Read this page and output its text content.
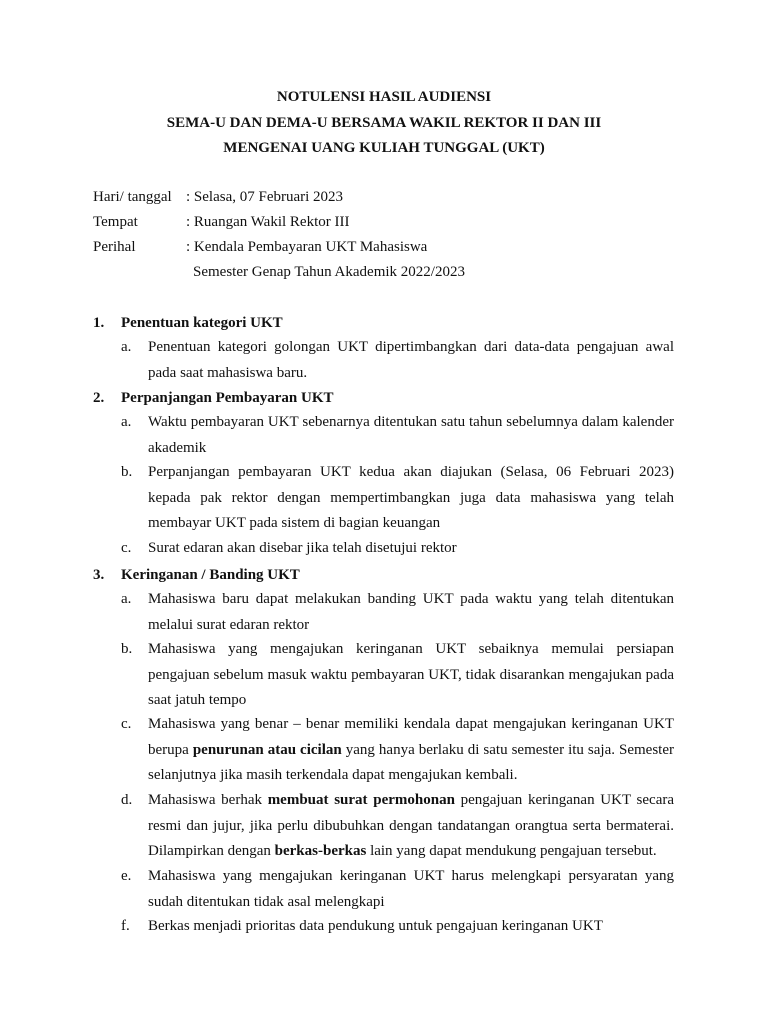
NOTULENSI HASIL AUDIENSI
SEMA-U DAN DEMA-U BERSAMA WAKIL REKTOR II DAN III
MENGENAI UANG KULIAH TUNGGAL (UKT)
Hari/ tanggal : Selasa, 07 Februari 2023
Tempat	: Ruangan Wakil Rektor III
Perihal	: Kendala Pembayaran UKT Mahasiswa
Semester Genap Tahun Akademik 2022/2023
1. Penentuan kategori UKT
a. Penentuan kategori golongan UKT dipertimbangkan dari data-data pengajuan awal pada saat mahasiswa baru.
2. Perpanjangan Pembayaran UKT
a. Waktu pembayaran UKT sebenarnya ditentukan satu tahun sebelumnya dalam kalender akademik
b. Perpanjangan pembayaran UKT kedua akan diajukan (Selasa, 06 Februari 2023) kepada pak rektor dengan mempertimbangkan juga data mahasiswa yang telah membayar UKT pada sistem di bagian keuangan
c. Surat edaran akan disebar jika telah disetujui rektor
3. Keringanan / Banding UKT
a. Mahasiswa baru dapat melakukan banding UKT pada waktu yang telah ditentukan melalui surat edaran rektor
b. Mahasiswa yang mengajukan keringanan UKT sebaiknya memulai persiapan pengajuan sebelum masuk waktu pembayaran UKT, tidak disarankan mengajukan pada saat jatuh tempo
c. Mahasiswa yang benar – benar memiliki kendala dapat mengajukan keringanan UKT berupa penurunan atau cicilan yang hanya berlaku di satu semester itu saja. Semester selanjutnya jika masih terkendala dapat mengajukan kembali.
d. Mahasiswa berhak membuat surat permohonan pengajuan keringanan UKT secara resmi dan jujur, jika perlu dibubuhkan dengan tandatangan orangtua serta bermaterai. Dilampirkan dengan berkas-berkas lain yang dapat mendukung pengajuan tersebut.
e. Mahasiswa yang mengajukan keringanan UKT harus melengkapi persyaratan yang sudah ditentukan tidak asal melengkapi
f. Berkas menjadi prioritas data pendukung untuk pengajuan keringanan UKT
